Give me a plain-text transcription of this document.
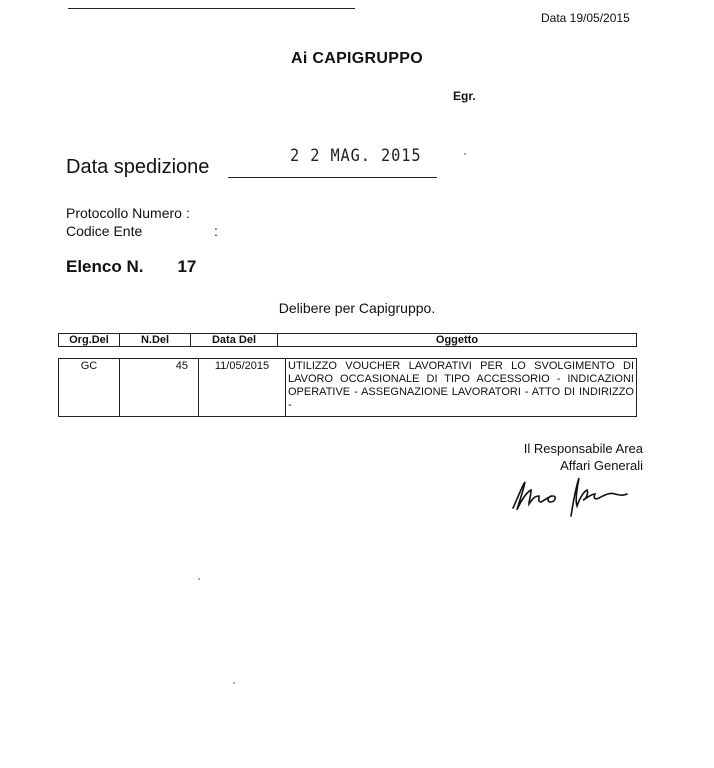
Data 19/05/2015
Ai CAPIGRUPPO
Egr.
Data spedizione	2 2 MAG. 2015
Protocollo Numero :
Codice Ente	:
Elenco N. 17
Delibere per Capigruppo.
Org.Del	N.Del	Data Del	Oggetto
GC	45	11/05/2015	UTILIZZO VOUCHER LAVORATIVI PER LO SVOLGIMENTO DI LAVORO OCCASIONALE DI TIPO ACCESSORIO - INDICAZIONI OPERATIVE - ASSEGNAZIONE LAVORATORI - ATTO DI INDIRIZZO -
Il Responsabile Area
Affari Generali
